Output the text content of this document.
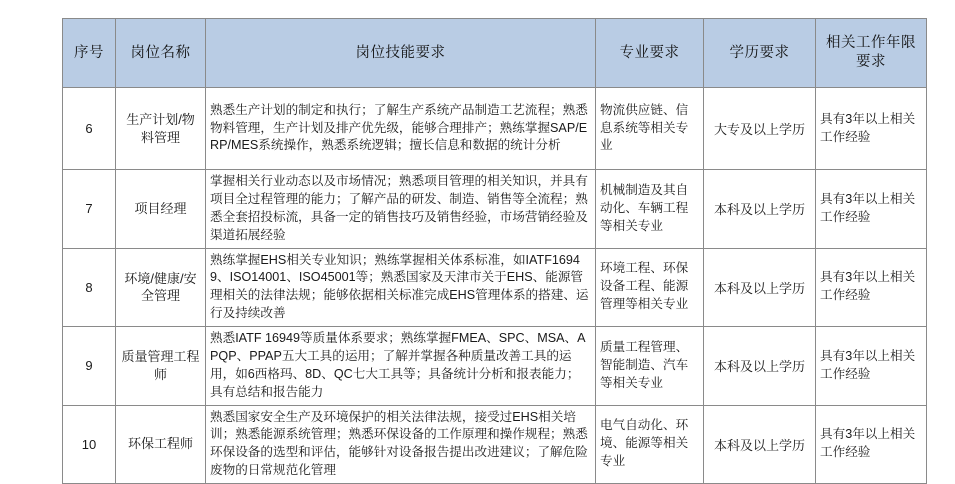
序号	岗位名称	岗位技能要求	专业要求	学历要求	相关工作年限要求
6	生产计划/物料管理	熟悉生产计划的制定和执行；了解生产系统产品制造工艺流程；熟悉物料管理，生产计划及排产优先级，能够合理排产；熟练掌握SAP/ERP/MES系统操作，熟悉系统逻辑；擅长信息和数据的统计分析	物流供应链、信息系统等相关专业	大专及以上学历	具有3年以上相关工作经验
7	项目经理	掌握相关行业动态以及市场情况；熟悉项目管理的相关知识，并具有项目全过程管理的能力；了解产品的研发、制造、销售等全流程；熟悉全套招投标流，具备一定的销售技巧及销售经验，市场营销经验及渠道拓展经验	机械制造及其自动化、车辆工程等相关专业	本科及以上学历	具有3年以上相关工作经验
8	环境/健康/安全管理	熟练掌握EHS相关专业知识；熟练掌握相关体系标准，如IATF16949、ISO14001、ISO45001等；熟悉国家及天津市关于EHS、能源管理相关的法律法规；能够依据相关标准完成EHS管理体系的搭建、运行及持续改善	环境工程、环保设备工程、能源管理等相关专业	本科及以上学历	具有3年以上相关工作经验
9	质量管理工程师	熟悉IATF 16949等质量体系要求；熟练掌握FMEA、SPC、MSA、APQP、PPAP五大工具的运用；了解并掌握各种质量改善工具的运用，如6西格玛、8D、QC七大工具等；具备统计分析和报表能力；具有总结和报告能力	质量工程管理、智能制造、汽车等相关专业	本科及以上学历	具有3年以上相关工作经验
10	环保工程师	熟悉国家安全生产及环境保护的相关法律法规，接受过EHS相关培训；熟悉能源系统管理；熟悉环保设备的工作原理和操作规程；熟悉环保设备的选型和评估，能够针对设备报告提出改进建议；了解危险废物的日常规范化管理	电气自动化、环境、能源等相关专业	本科及以上学历	具有3年以上相关工作经验
